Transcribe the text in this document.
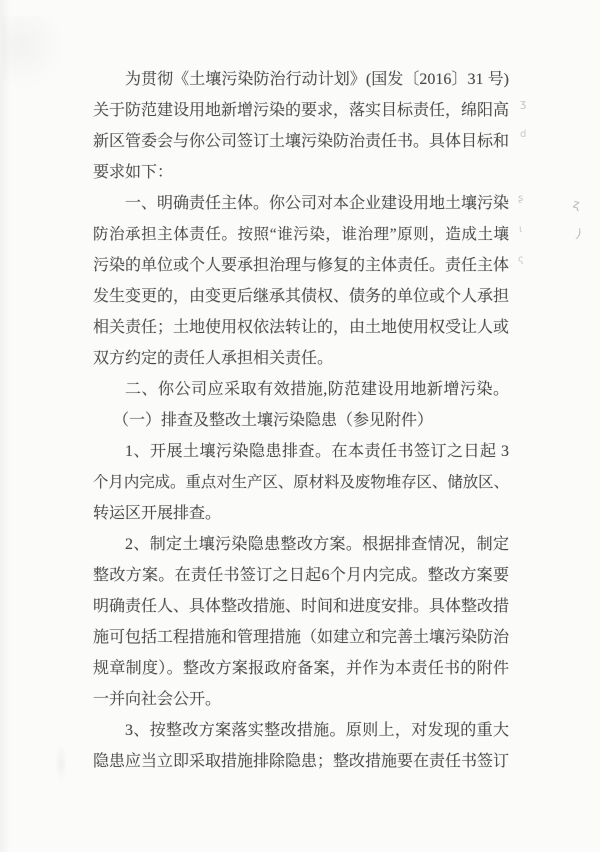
为贯彻《土壤污染防治行动计划》(国发〔2016〕31 号)
关于防范建设用地新增污染的要求，落实目标责任，绵阳高
新区管委会与你公司签订土壤污染防治责任书。具体目标和
要求如下：
一、明确责任主体。你公司对本企业建设用地土壤污染
防治承担主体责任。按照“谁污染，谁治理”原则，造成土壤
污染的单位或个人要承担治理与修复的主体责任。责任主体
发生变更的，由变更后继承其债权、债务的单位或个人承担
相关责任；土地使用权依法转让的，由土地使用权受让人或
双方约定的责任人承担相关责任。
二、你公司应采取有效措施,防范建设用地新增污染。
（一）排查及整改土壤污染隐患（参见附件）
1、开展土壤污染隐患排查。在本责任书签订之日起 3
个月内完成。重点对生产区、原材料及废物堆存区、储放区、
转运区开展排查。
2、制定土壤污染隐患整改方案。根据排查情况，制定
整改方案。在责任书签订之日起6个月内完成。整改方案要
明确责任人、具体整改措施、时间和进度安排。具体整改措
施可包括工程措施和管理措施（如建立和完善土壤污染防治
规章制度）。整改方案报政府备案，并作为本责任书的附件
一并向社会公开。
3、按整改方案落实整改措施。原则上，对发现的重大
隐患应当立即采取措施排除隐患；整改措施要在责任书签订
ʒ
d
ʂ
ɩ
ς
ʐ
)
